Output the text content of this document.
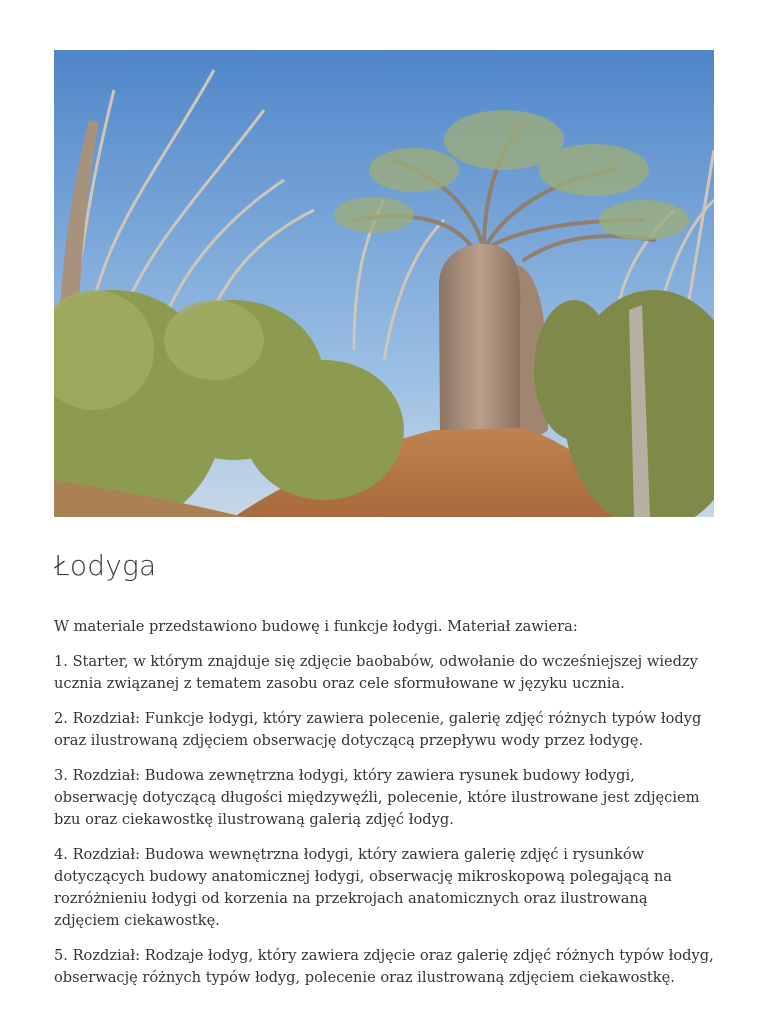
Łodyga

W materiale przedstawiono budowę i funkcje łodygi. Materiał zawiera:

1. Starter, w którym znajduje się zdjęcie baobabów, odwołanie do wcześniejszej wiedzy ucznia związanej z tematem zasobu oraz cele sformułowane w języku ucznia.

2. Rozdział: Funkcje łodygi, który zawiera polecenie, galerię zdjęć różnych typów łodyg oraz ilustrowaną zdjęciem obserwację dotyczącą przepływu wody przez łodygę.

3. Rozdział: Budowa zewnętrzna łodygi, który zawiera rysunek budowy łodygi, obserwację dotyczącą długości międzywęźli, polecenie, które ilustrowane jest zdjęciem bzu oraz ciekawostkę ilustrowaną galerią zdjęć łodyg.

4. Rozdział: Budowa wewnętrzna łodygi, który zawiera galerię zdjęć i rysunków dotyczących budowy anatomicznej łodygi, obserwację mikroskopową polegającą na rozróżnieniu łodygi od korzenia na przekrojach anatomicznych oraz ilustrowaną zdjęciem ciekawostkę.

5. Rozdział: Rodzaje łodyg, który zawiera zdjęcie oraz galerię zdjęć różnych typów łodyg, obserwację różnych typów łodyg, polecenie oraz ilustrowaną zdjęciem ciekawostkę.
